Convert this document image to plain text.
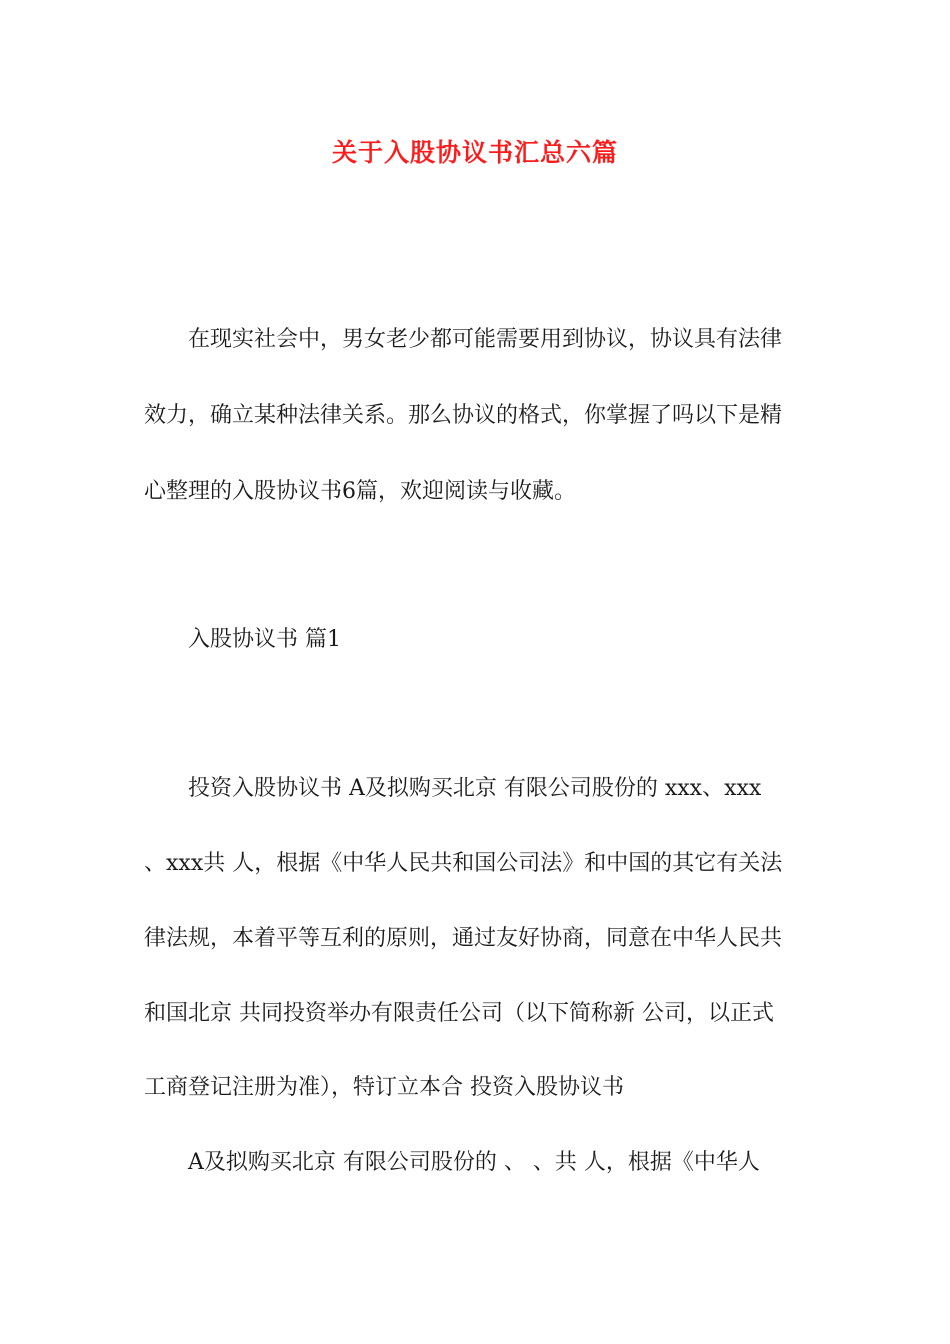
关于入股协议书汇总六篇

　　在现实社会中，男女老少都可能需要用到协议，协议具有法律

效力，确立某种法律关系。那么协议的格式，你掌握了吗以下是精

心整理的入股协议书6篇，欢迎阅读与收藏。

　　入股协议书 篇1

　　投资入股协议书 A及拟购买北京 有限公司股份的 xxx、xxx

、xxx共 人，根据《中华人民共和国公司法》和中国的其它有关法

律法规，本着平等互利的原则，通过友好协商，同意在中华人民共

和国北京 共同投资举办有限责任公司（以下简称新 公司，以正式

工商登记注册为准），特订立本合 投资入股协议书

　　A及拟购买北京 有限公司股份的 、 、共 人，根据《中华人
